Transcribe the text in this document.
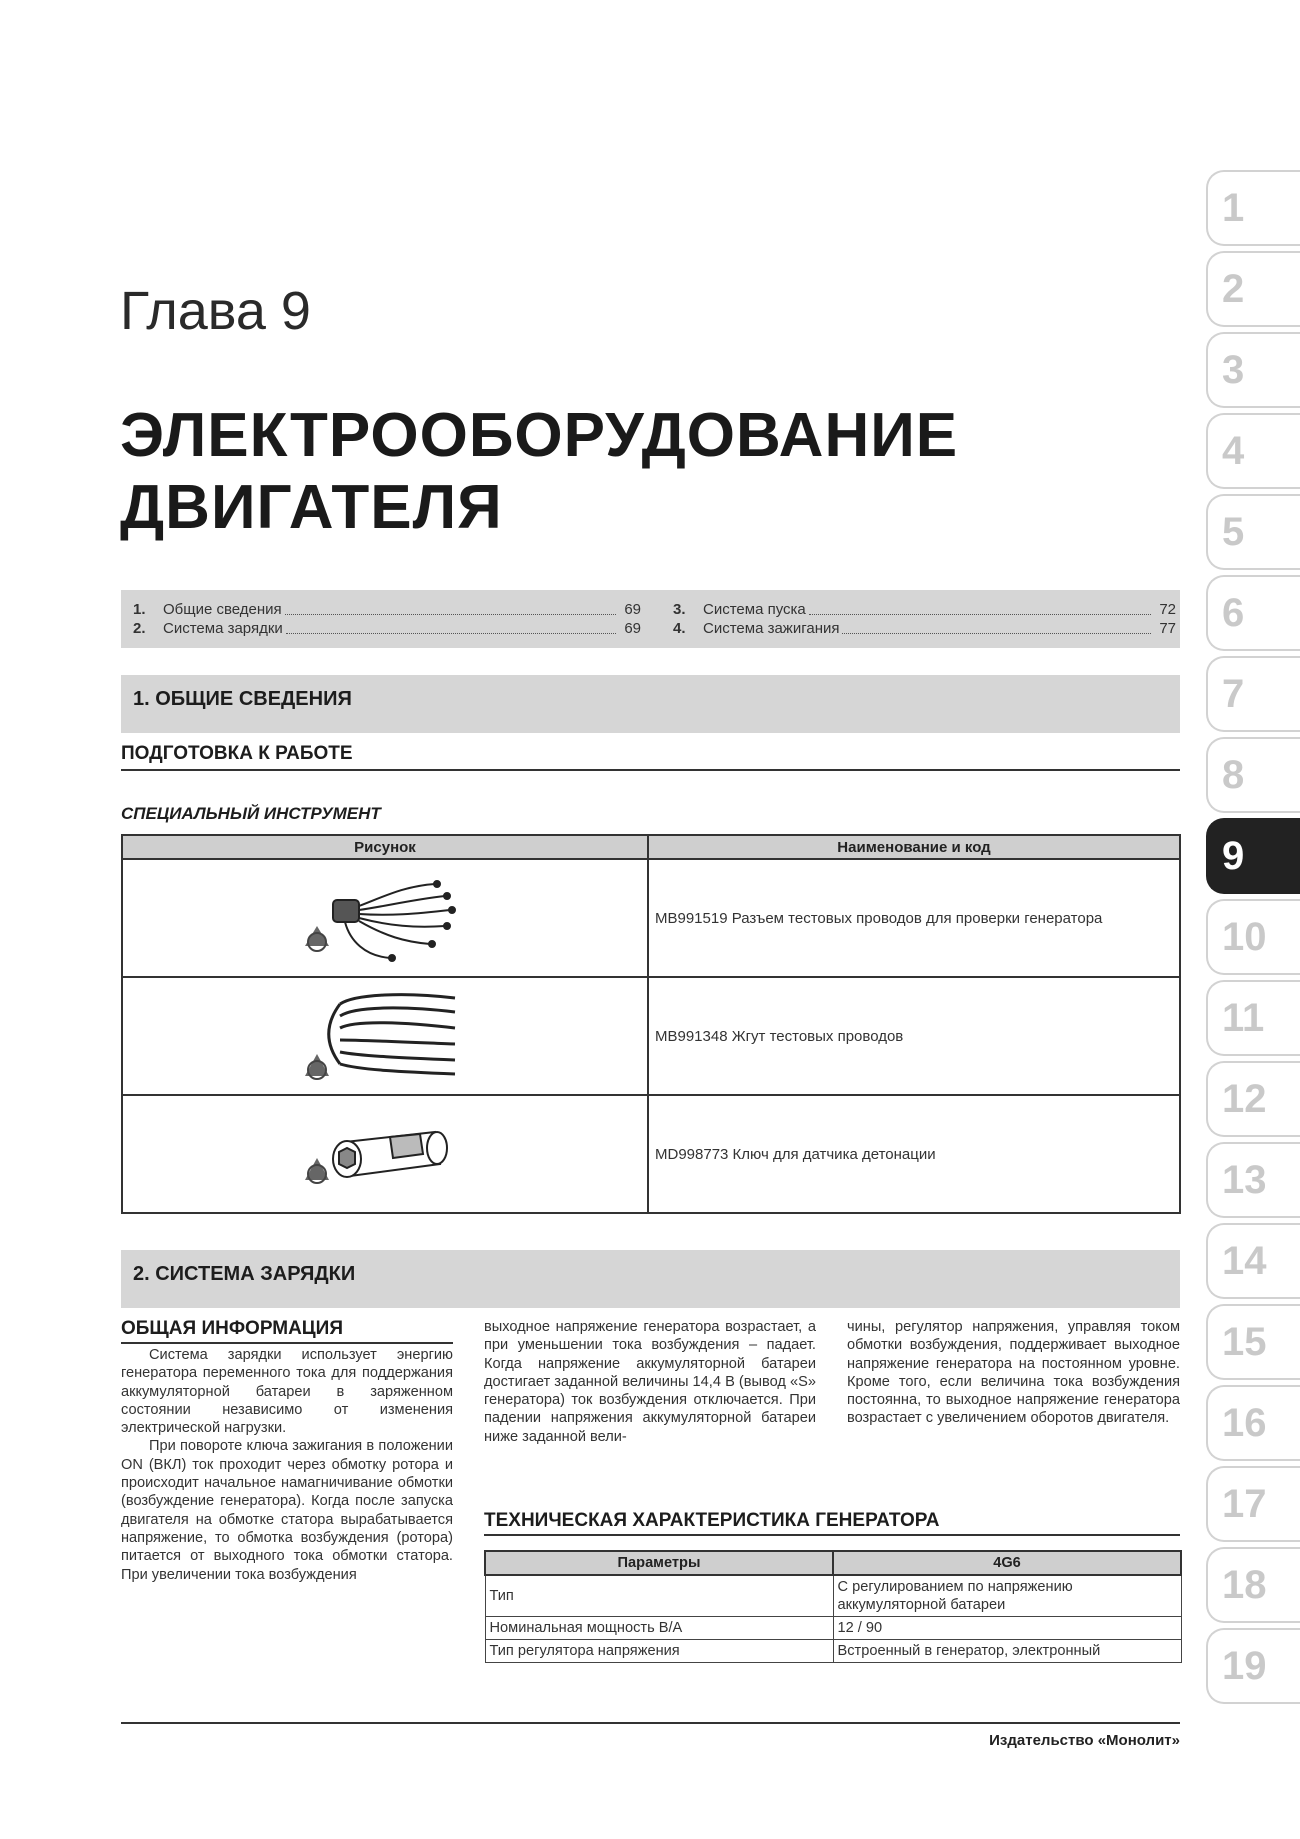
Глава 9
ЭЛЕКТРООБОРУДОВАНИЕ
ДВИГАТЕЛЯ
1.	Общие сведения	69
2.	Система зарядки	69
3.	Система пуска	72
4.	Система зажигания	77
1. ОБЩИЕ СВЕДЕНИЯ
ПОДГОТОВКА К РАБОТЕ
СПЕЦИАЛЬНЫЙ ИНСТРУМЕНТ
Рисунок	Наименование и код
	MB991519 Разъем тестовых проводов для проверки генератора
	MB991348 Жгут тестовых проводов
	MD998773 Ключ для датчика детонации
2. СИСТЕМА ЗАРЯДКИ
ОБЩАЯ ИНФОРМАЦИЯ

Система зарядки использует энергию генератора переменного тока для поддержания аккумуляторной батареи в заряженном состоянии независимо от изменения электрической нагрузки.

При повороте ключа зажигания в положении ON (ВКЛ) ток проходит через обмотку ротора и происходит начальное намагничивание обмотки (возбуждение генератора). Когда после запуска двигателя на обмотке статора вырабатывается напряжение, то обмотка возбуждения (ротора) питается от выходного тока обмотки статора. При увеличении тока возбуждения

выходное напряжение генератора возрастает, а при уменьшении тока возбуждения – падает. Когда напряжение аккумуляторной батареи достигает заданной величины 14,4 В (вывод «S» генератора) ток возбуждения отключается. При падении напряжения аккумуляторной батареи ниже заданной вели-

чины, регулятор напряжения, управляя током обмотки возбуждения, поддерживает выходное напряжение генератора на постоянном уровне. Кроме того, если величина тока возбуждения постоянна, то выходное напряжение генератора возрастает с увеличением оборотов двигателя.

ТЕХНИЧЕСКАЯ ХАРАКТЕРИСТИКА ГЕНЕРАТОРА
Параметры	4G6
Тип	С регулированием по напряжению аккумуляторной батареи
Номинальная мощность В/А	12 / 90
Тип регулятора напряжения	Встроенный в генератор, электронный
Издательство «Монолит»
1
2
3
4
5
6
7
8
9
10
11
12
13
14
15
16
17
18
19
